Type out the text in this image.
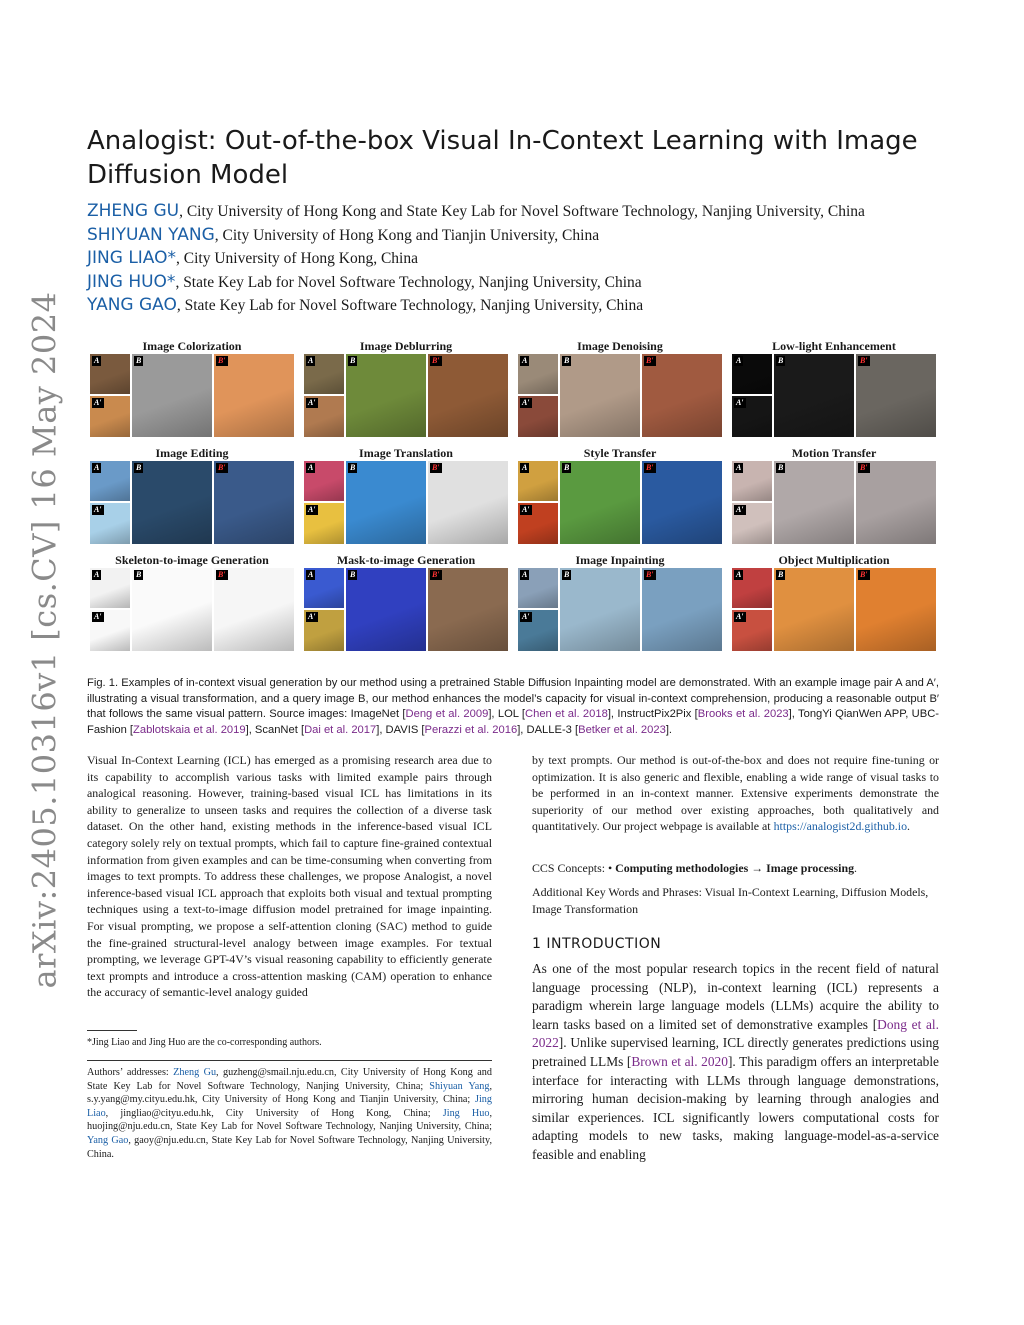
arXiv:2405.10316v1 [cs.CV] 16 May 2024
Analogist: Out-of-the-box Visual In-Context Learning with Image Diffusion Model
ZHENG GU, City University of Hong Kong and State Key Lab for Novel Software Technology, Nanjing University, China
SHIYUAN YANG, City University of Hong Kong and Tianjin University, China
JING LIAO*, City University of Hong Kong, China
JING HUO*, State Key Lab for Novel Software Technology, Nanjing University, China
YANG GAO, State Key Lab for Novel Software Technology, Nanjing University, China
Image Colorization
A
A′
B	B′
Image Deblurring
A
A′
B	B′
Image Denoising
A
A′
B	B′
Low-light Enhancement
A
A′
B	B′
Image Editing
A
A′
B	B′
Image Translation
A
A′
B	B′
Style Transfer
A
A′
B	B′
Motion Transfer
A
A′
B	B′
Skeleton-to-image Generation
A
A′
B	B′
Mask-to-image Generation
A
A′
B	B′
Image Inpainting
A
A′
B	B′
Object Multiplication
A
A′
B	B′
Fig. 1. Examples of in-context visual generation by our method using a pretrained Stable Diffusion Inpainting model are demonstrated. With an example image pair A and A′, illustrating a visual transformation, and a query image B, our method enhances the model’s capacity for visual in-context comprehension, producing a reasonable output B′ that follows the same visual pattern. Source images: ImageNet [Deng et al. 2009], LOL [Chen et al. 2018], InstructPix2Pix [Brooks et al. 2023], TongYi QianWen APP, UBC-Fashion [Zablotskaia et al. 2019], ScanNet [Dai et al. 2017], DAVIS [Perazzi et al. 2016], DALLE-3 [Betker et al. 2023].
Visual In-Context Learning (ICL) has emerged as a promising research area due to its capability to accomplish various tasks with limited example pairs through analogical reasoning. However, training-based visual ICL has limitations in its ability to generalize to unseen tasks and requires the collection of a diverse task dataset. On the other hand, existing methods in the inference-based visual ICL category solely rely on textual prompts, which fail to capture fine-grained contextual information from given examples and can be time-consuming when converting from images to text prompts. To address these challenges, we propose Analogist, a novel inference-based visual ICL approach that exploits both visual and textual prompting techniques using a text-to-image diffusion model pretrained for image inpainting. For visual prompting, we propose a self-attention cloning (SAC) method to guide the fine-grained structural-level analogy between image examples. For textual prompting, we leverage GPT-4V’s visual reasoning capability to efficiently generate text prompts and introduce a cross-attention masking (CAM) operation to enhance the accuracy of semantic-level analogy guided
by text prompts. Our method is out-of-the-box and does not require fine-tuning or optimization. It is also generic and flexible, enabling a wide range of visual tasks to be performed in an in-context manner. Extensive experiments demonstrate the superiority of our method over existing approaches, both qualitatively and quantitatively. Our project webpage is available at https://analogist2d.github.io.
CCS Concepts: • Computing methodologies → Image processing.
Additional Key Words and Phrases: Visual In-Context Learning, Diffusion Models, Image Transformation
1 INTRODUCTION
As one of the most popular research topics in the recent field of natural language processing (NLP), in-context learning (ICL) represents a paradigm wherein large language models (LLMs) acquire the ability to learn tasks based on a limited set of demonstrative examples [Dong et al. 2022]. Unlike supervised learning, ICL directly generates predictions using pretrained LLMs [Brown et al. 2020]. This paradigm offers an interpretable interface for interacting with LLMs through language demonstrations, mirroring human decision-making by learning through analogies and similar experiences. ICL significantly lowers computational costs for adapting models to new tasks, making language-model-as-a-service feasible and enabling
*Jing Liao and Jing Huo are the co-corresponding authors.
Authors’ addresses: Zheng Gu, guzheng@smail.nju.edu.cn, City University of Hong Kong and State Key Lab for Novel Software Technology, Nanjing University, China; Shiyuan Yang, s.y.yang@my.cityu.edu.hk, City University of Hong Kong and Tianjin University, China; Jing Liao, jingliao@cityu.edu.hk, City University of Hong Kong, China; Jing Huo, huojing@nju.edu.cn, State Key Lab for Novel Software Technology, Nanjing University, China; Yang Gao, gaoy@nju.edu.cn, State Key Lab for Novel Software Technology, Nanjing University, China.
